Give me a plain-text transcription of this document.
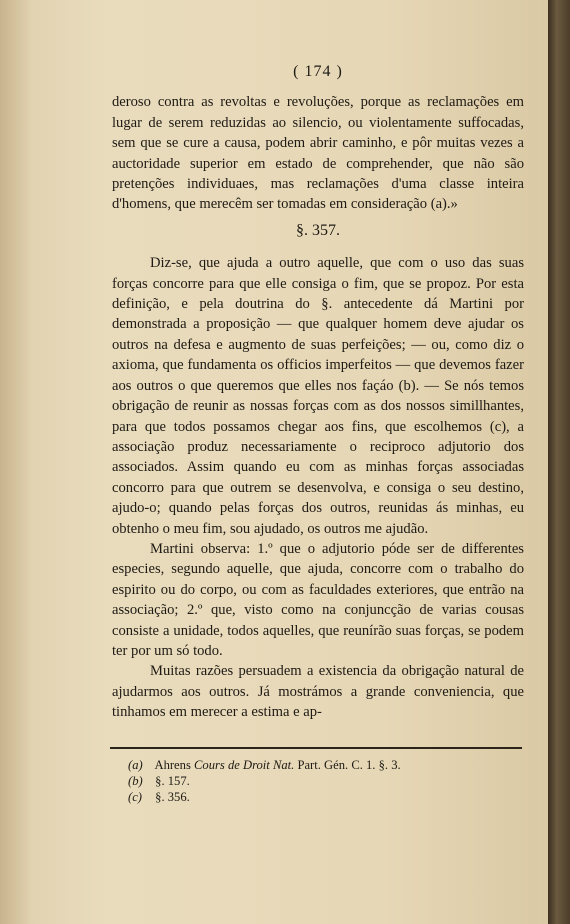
( 174 )

deroso contra as revoltas e revoluções, porque as reclamações em lugar de serem reduzidas ao silencio, ou violentamente suffocadas, sem que se cure a causa, podem abrir caminho, e pôr muitas vezes a auctoridade superior em estado de comprehender, que não são pretenções individuaes, mas reclamações d'uma classe inteira d'homens, que merecêm ser tomadas em consideração (a).»

§. 357.

Diz-se, que ajuda a outro aquelle, que com o uso das suas forças concorre para que elle consiga o fim, que se propoz. Por esta definição, e pela doutrina do §. antecedente dá Martini por demonstrada a proposição — que qualquer homem deve ajudar os outros na defesa e augmento de suas perfeições; — ou, como diz o axioma, que fundamenta os officios imperfeitos — que devemos fazer aos outros o que queremos que elles nos façáo (b). — Se nós temos obrigação de reunir as nossas forças com as dos nossos simillhantes, para que todos possamos chegar aos fins, que escolhemos (c), a associação produz necessariamente o reciproco adjutorio dos associados. Assim quando eu com as minhas forças associadas concorro para que outrem se desenvolva, e consiga o seu destino, ajudo-o; quando pelas forças dos outros, reunidas ás minhas, eu obtenho o meu fim, sou ajudado, os outros me ajudão.

Martini observa: 1.º que o adjutorio póde ser de differentes especies, segundo aquelle, que ajuda, concorre com o trabalho do espirito ou do corpo, ou com as faculdades exteriores, que entrão na associação; 2.º que, visto como na conjuncção de varias cousas consiste a unidade, todos aquelles, que reunírão suas forças, se podem ter por um só todo.

Muitas razões persuadem a existencia da obrigação natural de ajudarmos aos outros. Já mostrámos a grande conveniencia, que tinhamos em merecer a estima e ap-

(a) Ahrens Cours de Droit Nat. Part. Gén. C. 1. §. 3.

(b) §. 157.

(c) §. 356.
